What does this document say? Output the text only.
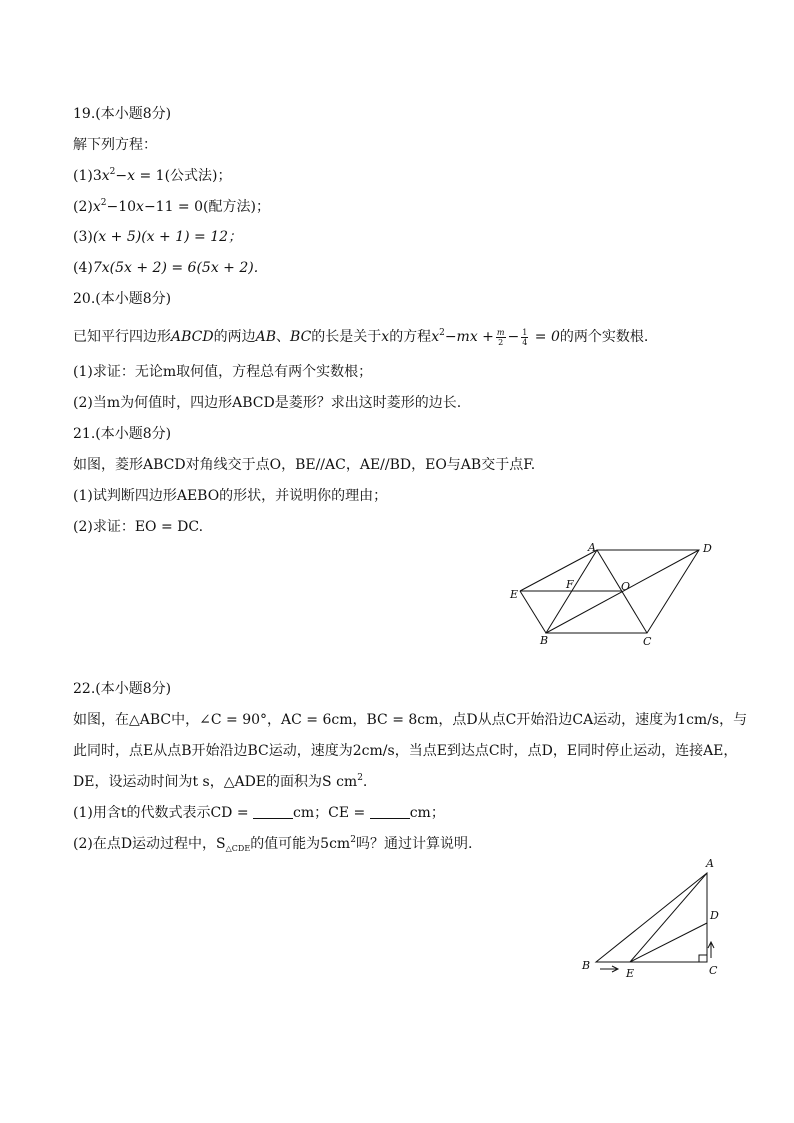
19.(本小题8分)
解下列方程：
$(1)3x^2-x = 1$(公式法)；
$(2)x^2-10x-11 = 0$(配方法)；
(3)(x + 5)(x + 1) = 12；
(4)7x(5x + 2) = 6(5x + 2).
20.(本小题8分)
已知平行四边形ABCD的两边AB、BC的长是关于x的方程$x^2-mx + \frac{m}{2} - \frac{1}{4} = 0$的两个实数根.
(1)求证：无论m取何值，方程总有两个实数根；
(2)当m为何值时，四边形ABCD是菱形？求出这时菱形的边长.
21.(本小题8分)
如图，菱形ABCD对角线交于点O，BE//AC，AE//BD，EO与AB交于点F.
(1)试判断四边形AEBO的形状，并说明你的理由；
(2)求证：EO = DC.
A	D
F	O
E
B	C
22.(本小题8分)
如图，在△ABC中，∠C = 90°，AC = 6cm，BC = 8cm，点D从点C开始沿边CA运动，速度为1cm/s，与
此同时，点E从点B开始沿边BC运动，速度为2cm/s，当点E到达点C时，点D，E同时停止运动，连接AE，
DE，设运动时间为t s，△ADE的面积为S $cm^2$.
(1)用含t的代数式表示CD =	cm；CE =	cm；
(2)在点D运动过程中，$S_{\triangle CDE}$的值可能为$5cm^2$吗？通过计算说明.
A
D
B
E	C
